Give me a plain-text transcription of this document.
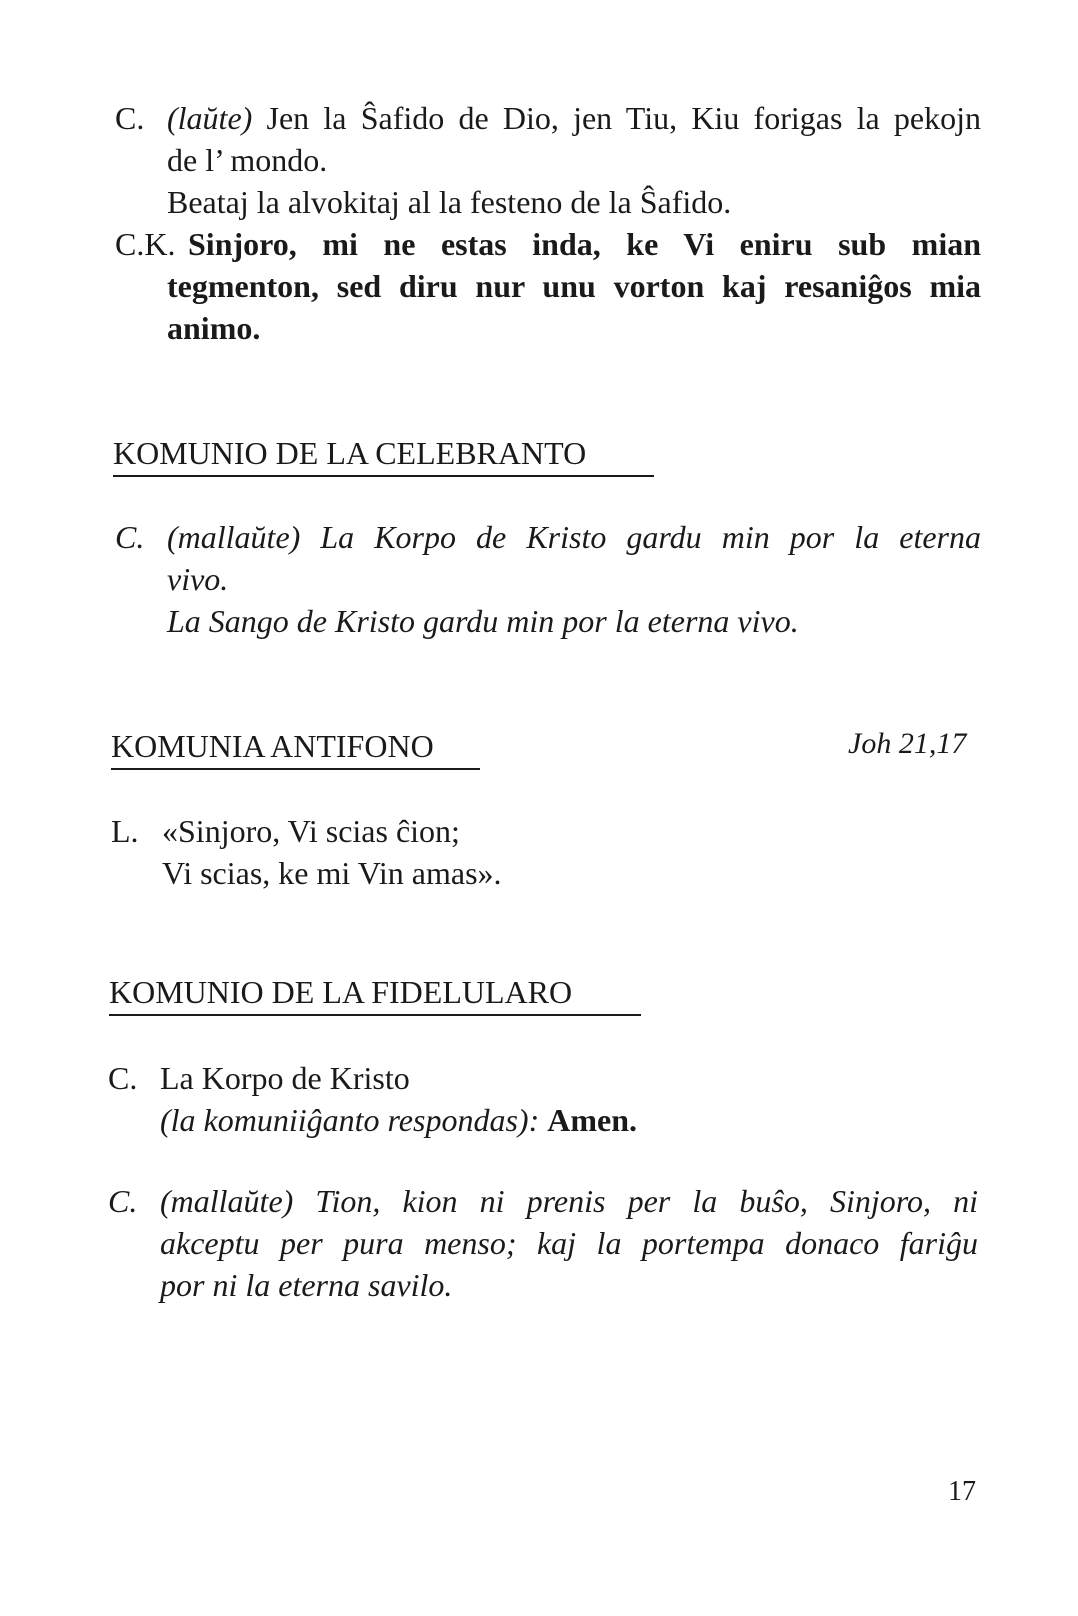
C. (laŭte) Jen la Ŝafido de Dio, jen Tiu, Kiu forigas la pekojn
de l’ mondo.
Beataj la alvokitaj al la festeno de la Ŝafido.
C.K. Sinjoro, mi ne estas inda, ke Vi eniru sub mian
tegmenton, sed diru nur unu vorton kaj resaniĝos mia
animo.
KOMUNIO DE LA CELEBRANTO
C. (mallaŭte) La Korpo de Kristo gardu min por la eterna
vivo.
La Sango de Kristo gardu min por la eterna vivo.
KOMUNIA ANTIFONO	Joh 21,17
L. «Sinjoro, Vi scias ĉion;
Vi scias, ke mi Vin amas».
KOMUNIO DE LA FIDELULARO
C. La Korpo de Kristo
(la komuniiĝanto respondas): Amen.
C. (mallaŭte) Tion, kion ni prenis per la buŝo, Sinjoro, ni
akceptu per pura menso; kaj la portempa donaco fariĝu
por ni la eterna savilo.
17
